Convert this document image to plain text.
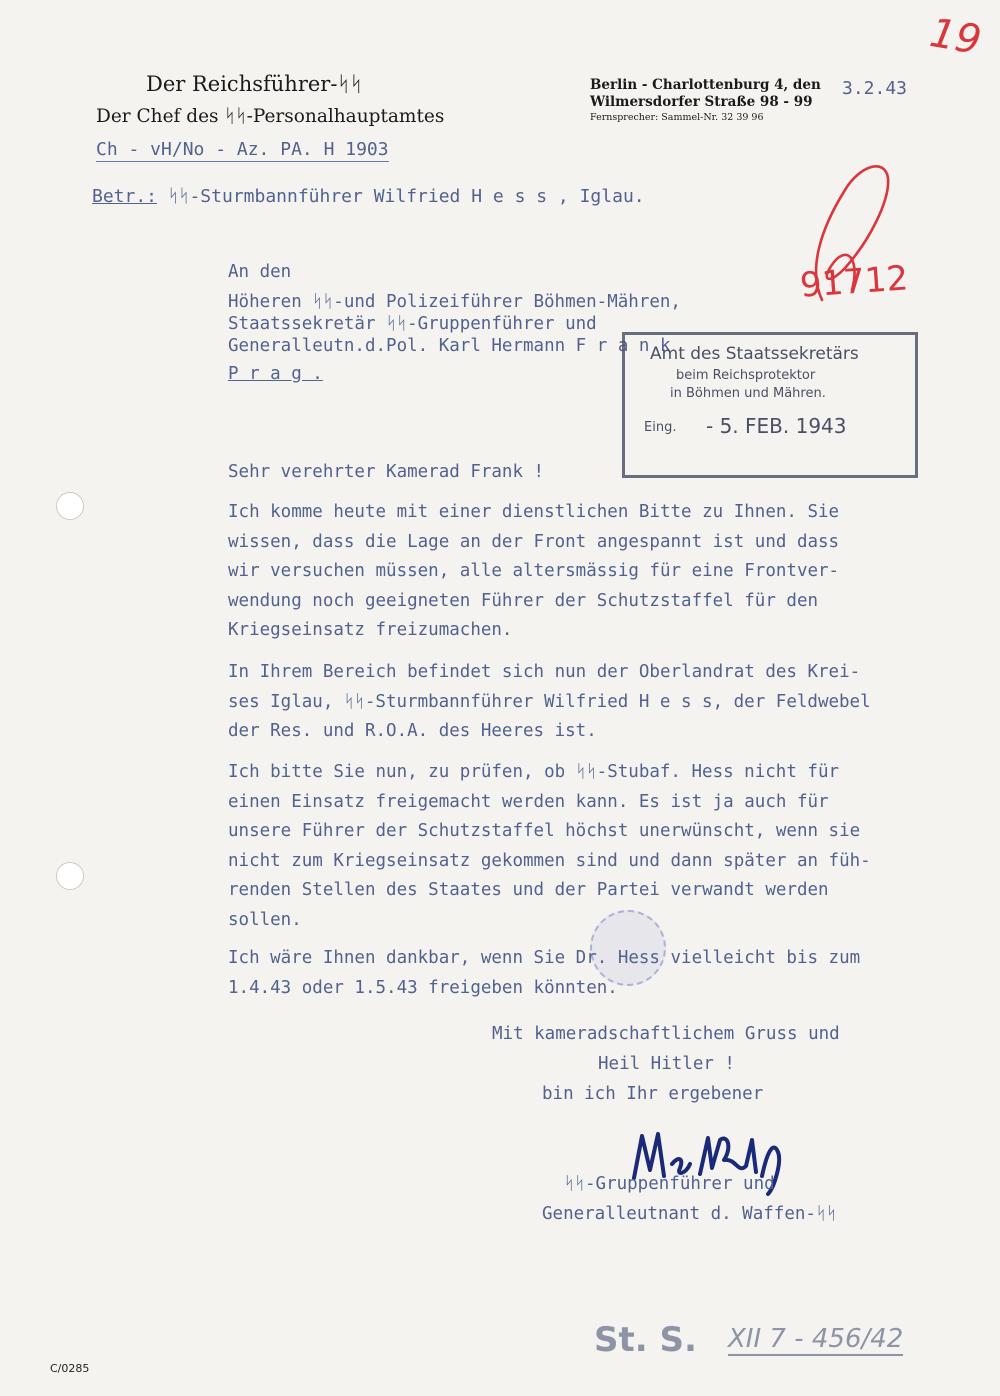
Der Reichsführer-ᛋᛋ
Der Chef des ᛋᛋ-Personalhauptamtes
Ch - vH/No - Az. PA. H 1903
Berlin - Charlottenburg 4, den
Wilmersdorfer Straße 98 - 99
Fernsprecher: Sammel-Nr. 32 39 96
3.2.43
19
Betr.: ᛋᛋ-Sturmbannführer Wilfried H e s s , Iglau.
91712
An den
Höheren ᛋᛋ-und Polizeiführer Böhmen-Mähren,
Staatssekretär ᛋᛋ-Gruppenführer und
Generalleutn.d.Pol. Karl Hermann F r a n k
P r a g .
Amt des Staatssekretärs
beim Reichsprotektor
in Böhmen und Mähren.
Eing. - 5. FEB. 1943
Sehr verehrter Kamerad Frank !
Ich komme heute mit einer dienstlichen Bitte zu Ihnen. Sie
wissen, dass die Lage an der Front angespannt ist und dass
wir versuchen müssen, alle altersmässig für eine Frontver-
wendung noch geeigneten Führer der Schutzstaffel für den
Kriegseinsatz freizumachen.
In Ihrem Bereich befindet sich nun der Oberlandrat des Krei-
ses Iglau, ᛋᛋ-Sturmbannführer Wilfried H e s s, der Feldwebel
der Res. und R.O.A. des Heeres ist.
Ich bitte Sie nun, zu prüfen, ob ᛋᛋ-Stubaf. Hess nicht für
einen Einsatz freigemacht werden kann. Es ist ja auch für
unsere Führer der Schutzstaffel höchst unerwünscht, wenn sie
nicht zum Kriegseinsatz gekommen sind und dann später an füh-
renden Stellen des Staates und der Partei verwandt werden
sollen.
Ich wäre Ihnen dankbar, wenn Sie Dr. Hess vielleicht bis zum
1.4.43 oder 1.5.43 freigeben könnten.
Mit kameradschaftlichem Gruss und
Heil Hitler !
bin ich Ihr ergebener
ᛋᛋ-Gruppenführer und
Generalleutnant d. Waffen-ᛋᛋ
St. S. XII 7 - 456/42
C/0285
